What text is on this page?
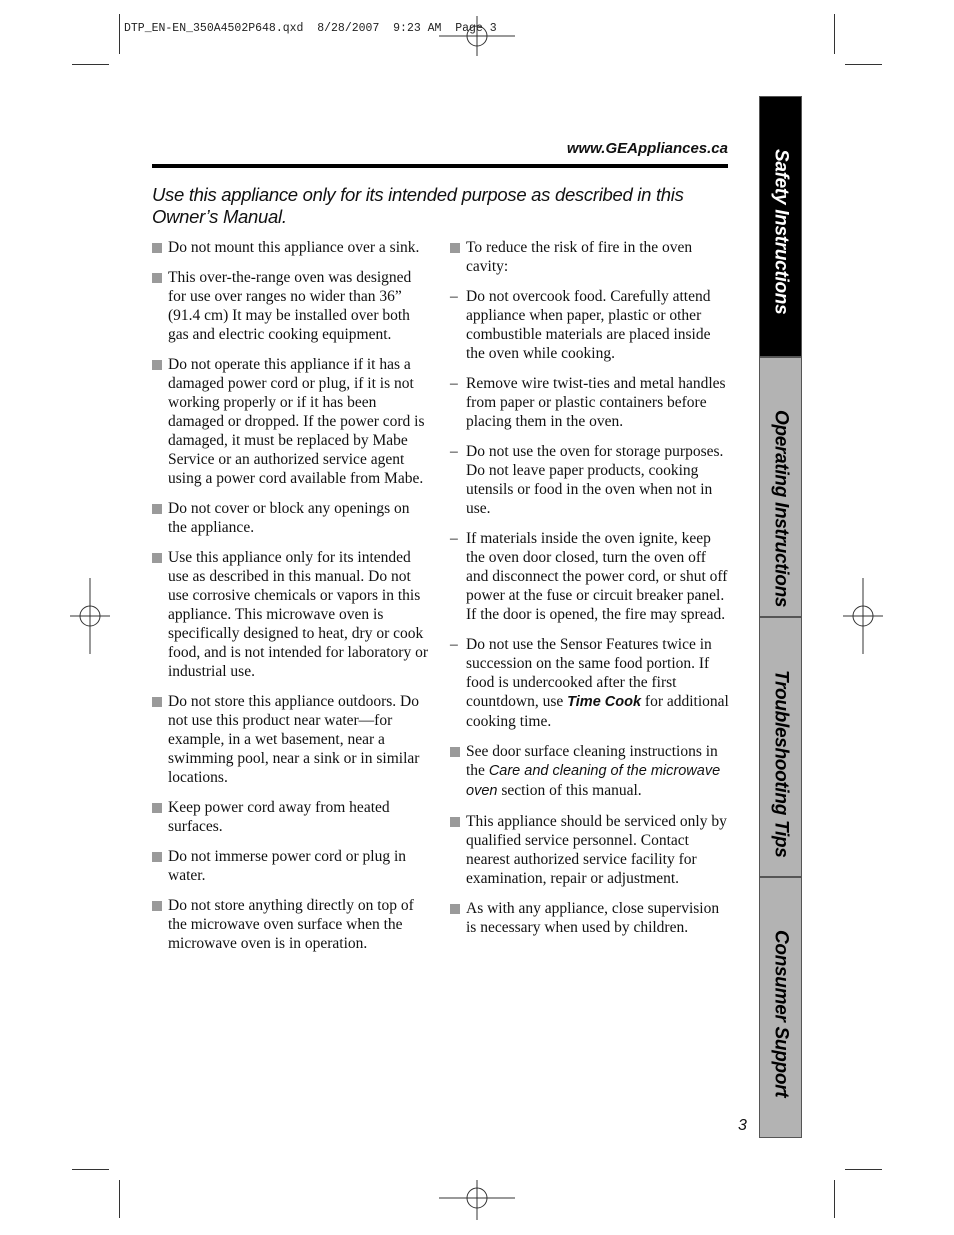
DTP_EN-EN_350A4502P648.qxd  8/28/2007  9:23 AM  Page 3
www.GEAppliances.ca
Use this appliance only for its intended purpose as described in this Owner’s Manual.
Do not mount this appliance over a sink.
This over-the-range oven was designed for use over ranges no wider than 36” (91.4 cm) It may be installed over both gas and electric cooking equipment.
Do not operate this appliance if it has a damaged power cord or plug, if it is not working properly or if it has been damaged or dropped. If the power cord is damaged, it must be replaced by Mabe Service or an authorized service agent using a power cord available from Mabe.
Do not cover or block any openings on the appliance.
Use this appliance only for its intended use as described in this manual. Do not use corrosive chemicals or vapors in this appliance. This microwave oven is specifically designed to heat, dry or cook food, and is not intended for laboratory or industrial use.
Do not store this appliance outdoors. Do not use this product near water—for example, in a wet basement, near a swimming pool, near a sink or in similar locations.
Keep power cord away from heated surfaces.
Do not immerse power cord or plug in water.
Do not store anything directly on top of the microwave oven surface when the microwave oven is in operation.
To reduce the risk of fire in the oven cavity:
– Do not overcook food. Carefully attend appliance when paper, plastic or other combustible materials are placed inside the oven while cooking.
– Remove wire twist-ties and metal handles from paper or plastic containers before placing them in the oven.
– Do not use the oven for storage purposes. Do not leave paper products, cooking utensils or food in the oven when not in use.
– If materials inside the oven ignite, keep the oven door closed, turn the oven off and disconnect the power cord, or shut off power at the fuse or circuit breaker panel. If the door is opened, the fire may spread.
– Do not use the Sensor Features twice in succession on the same food portion. If food is undercooked after the first countdown, use Time Cook for additional cooking time.
See door surface cleaning instructions in the Care and cleaning of the microwave oven section of this manual.
This appliance should be serviced only by qualified service personnel. Contact nearest authorized service facility for examination, repair or adjustment.
As with any appliance, close supervision is necessary when used by children.
Safety Instructions
Operating Instructions
Troubleshooting Tips
Consumer Support
3
